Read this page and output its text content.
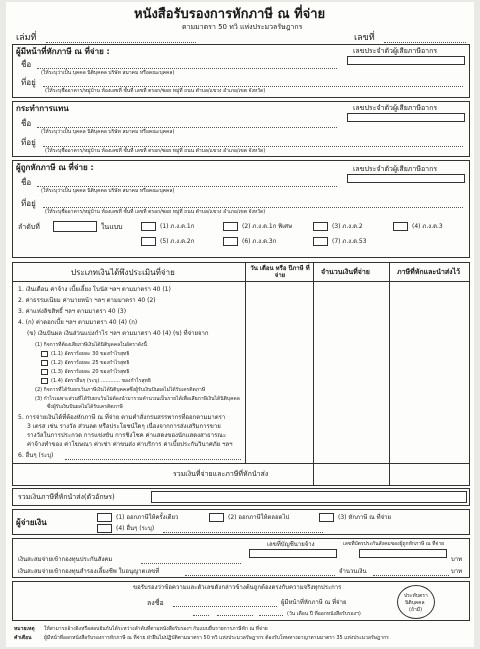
หนังสือรับรองการหักภาษี ณ ที่จ่าย
ตามมาตรา 50 ทวิ แห่งประมวลรัษฎากร
เล่มที่	เลขที่
ผู้มีหน้าที่หักภาษี ณ ที่จ่าย :	เลขประจำตัวผู้เสียภาษีอากร
ชื่อ
(ให้ระบุว่าเป็น บุคคล นิติบุคคล บริษัท สมาคม หรือคณะบุคคล)
ที่อยู่
(ให้ระบุชื่ออาคาร/หมู่บ้าน ห้องเลขที่ ชั้นที่ เลขที่ ตรอก/ซอย หมู่ที่ ถนน ตำบล/แขวง อำเภอ/เขต จังหวัด)
กระทำการแทน	เลขประจำตัวผู้เสียภาษีอากร
ชื่อ
(ให้ระบุว่าเป็น บุคคล นิติบุคคล บริษัท สมาคม หรือคณะบุคคล)
ที่อยู่
(ให้ระบุชื่ออาคาร/หมู่บ้าน ห้องเลขที่ ชั้นที่ เลขที่ ตรอก/ซอย หมู่ที่ ถนน ตำบล/แขวง อำเภอ/เขต จังหวัด)
ผู้ถูกหักภาษี ณ ที่จ่าย :	เลขประจำตัวผู้เสียภาษีอากร
ชื่อ
(ให้ระบุว่าเป็น บุคคล นิติบุคคล บริษัท สมาคม หรือคณะบุคคล)
ที่อยู่
(ให้ระบุชื่ออาคาร/หมู่บ้าน ห้องเลขที่ ชั้นที่ เลขที่ ตรอก/ซอย หมู่ที่ ถนน ตำบล/แขวง อำเภอ/เขต จังหวัด)
ลำดับที่	ในแบบ	(1) ภ.ง.ด.1ก	(2) ภ.ง.ด.1ก พิเศษ	(3) ภ.ง.ด.2	(4) ภ.ง.ด.3
(5) ภ.ง.ด.2ก	(6) ภ.ง.ด.3ก	(7) ภ.ง.ด.53
ประเภทเงินได้พึงประเมินที่จ่าย	วัน เดือน หรือ ปีภาษี ที่จ่าย	จำนวนเงินที่จ่าย	ภาษีที่หักและนำส่งไว้
1. เงินเดือน ค่าจ้าง เบี้ยเลี้ยง โบนัส ฯลฯ ตามมาตรา 40 (1)
2. ค่าธรรมเนียม ค่านายหน้า ฯลฯ ตามมาตรา 40 (2)
3. ค่าแห่งลิขสิทธิ์ ฯลฯ ตามมาตรา 40 (3)
4. (ก) ค่าดอกเบี้ย ฯลฯ ตามมาตรา 40 (4) (ก)
(ข) เงินปันผล เงินส่วนแบ่งกำไร ฯลฯ ตามมาตรา 40 (4) (ข) ที่จ่ายจาก
(1) กิจการที่ต้องเสียภาษีเงินได้นิติบุคคลในอัตราดังนี้
(1.1) อัตราร้อยละ 30 ของกำไรสุทธิ
(1.2) อัตราร้อยละ 25 ของกำไรสุทธิ
(1.3) อัตราร้อยละ 20 ของกำไรสุทธิ
(1.4) อัตราอื่นๆ (ระบุ) ............ ของกำไรสุทธิ
(2) กิจการที่ได้รับยกเว้นภาษีเงินได้นิติบุคคลซึ่งผู้รับเงินปันผลไม่ได้รับเครดิตภาษี
(3) กำไรเฉพาะส่วนที่ได้รับยกเว้นไม่ต้องนำมารวมคำนวณเป็นรายได้เพื่อเสียภาษีเงินได้นิติบุคคล
ซึ่งผู้รับเงินปันผลไม่ได้รับเครดิตภาษี
5. การจ่ายเงินได้ที่ต้องหักภาษี ณ ที่จ่าย ตามคำสั่งกรมสรรพากรที่ออกตามมาตรา
3 เตรส เช่น รางวัล ส่วนลด หรือประโยชน์ใดๆ เนื่องจากการส่งเสริมการขาย
รางวัลในการประกวด การแข่งขัน การชิงโชค ค่าแสดงของนักแสดงสาธารณะ
ค่าจ้างทำของ ค่าโฆษณา ค่าเช่า ค่าขนส่ง ค่าบริการ ค่าเบี้ยประกันวินาศภัย ฯลฯ
6. อื่นๆ (ระบุ)
รวมเงินที่จ่ายและภาษีที่หักนำส่ง
รวมเงินภาษีที่หักนำส่ง(ตัวอักษร)
ผู้จ่ายเงิน
(1) ออกภาษีให้ครั้งเดียว	(2) ออกภาษีให้ตลอดไป	(3) หักภาษี ณ ที่จ่าย
(4) อื่นๆ (ระบุ)
เลขที่บัญชีนายจ้าง	เลขที่บัตรประกันสังคมของผู้ถูกหักภาษี ณ ที่จ่าย
เงินสะสมจ่ายเข้ากองทุนประกันสังคม	บาท
เงินสะสมจ่ายเข้ากองทุนสำรองเลี้ยงชีพ ใบอนุญาตเลขที่	จำนวนเงิน	บาท
ขอรับรองว่าข้อความและตัวเลขดังกล่าวข้างต้นถูกต้องตรงกับความจริงทุกประการ
ลงชื่อ	ผู้มีหน้าที่หักภาษี ณ ที่จ่าย
(วัน เดือน ปี ที่ออกหนังสือรับรองฯ)
ประทับตรา
นิติบุคคล
(ถ้ามี)
หมายเหตุ ให้สามารถอ้างอิงหรือสอบยันกันได้ระหว่างลำดับที่ตามหนังสือรับรองฯ กับแบบยื่นรายการภาษีหัก ณ ที่จ่าย
คำเตือน ผู้มีหน้าที่ออกหนังสือรับรองการหักภาษี ณ ที่จ่าย ฝ่าฝืนไม่ปฏิบัติตามมาตรา 50 ทวิ แห่งประมวลรัษฎากร ต้องรับโทษทางอาญาตามมาตรา 35 แห่งประมวลรัษฎากร
